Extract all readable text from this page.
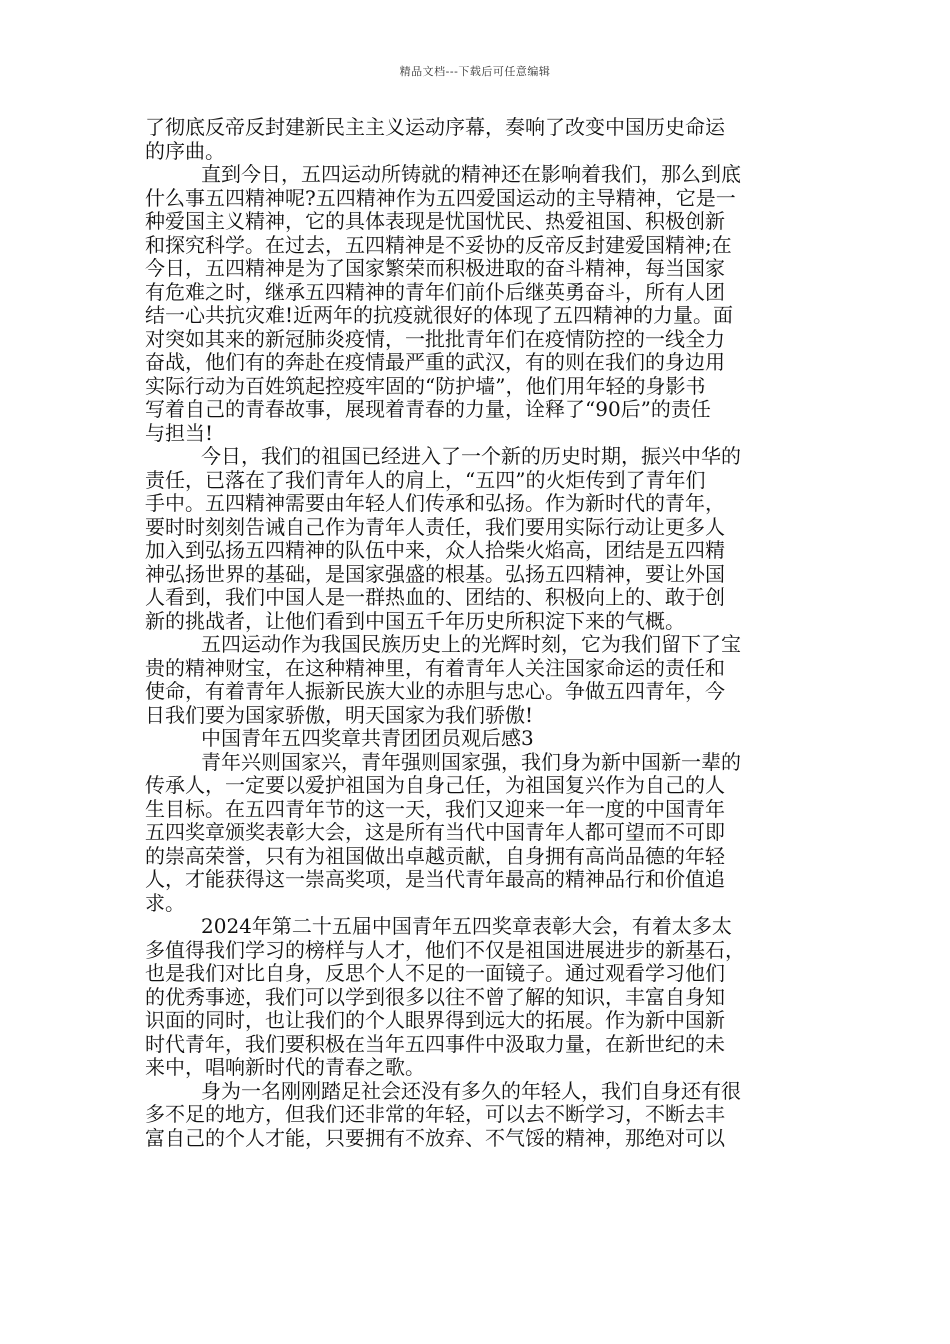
精品文档---下载后可任意编辑
了彻底反帝反封建新民主主义运动序幕，奏响了改变中国历史命运
的序曲。
直到今日，五四运动所铸就的精神还在影响着我们，那么到底
什么事五四精神呢?五四精神作为五四爱国运动的主导精神，它是一
种爱国主义精神，它的具体表现是忧国忧民、热爱祖国、积极创新
和探究科学。在过去，五四精神是不妥协的反帝反封建爱国精神;在
今日，五四精神是为了国家繁荣而积极进取的奋斗精神，每当国家
有危难之时，继承五四精神的青年们前仆后继英勇奋斗，所有人团
结一心共抗灾难!近两年的抗疫就很好的体现了五四精神的力量。面
对突如其来的新冠肺炎疫情，一批批青年们在疫情防控的一线全力
奋战，他们有的奔赴在疫情最严重的武汉，有的则在我们的身边用
实际行动为百姓筑起控疫牢固的“防护墙”，他们用年轻的身影书
写着自己的青春故事，展现着青春的力量，诠释了“90后”的责任
与担当!
今日，我们的祖国已经进入了一个新的历史时期，振兴中华的
责任，已落在了我们青年人的肩上，“五四”的火炬传到了青年们
手中。五四精神需要由年轻人们传承和弘扬。作为新时代的青年，
要时时刻刻告诫自己作为青年人责任，我们要用实际行动让更多人
加入到弘扬五四精神的队伍中来，众人拾柴火焰高，团结是五四精
神弘扬世界的基础，是国家强盛的根基。弘扬五四精神，要让外国
人看到，我们中国人是一群热血的、团结的、积极向上的、敢于创
新的挑战者，让他们看到中国五千年历史所积淀下来的气概。
五四运动作为我国民族历史上的光辉时刻，它为我们留下了宝
贵的精神财宝，在这种精神里，有着青年人关注国家命运的责任和
使命，有着青年人振新民族大业的赤胆与忠心。争做五四青年，今
日我们要为国家骄傲，明天国家为我们骄傲!
中国青年五四奖章共青团团员观后感3
青年兴则国家兴，青年强则国家强，我们身为新中国新一辈的
传承人，一定要以爱护祖国为自身己任，为祖国复兴作为自己的人
生目标。在五四青年节的这一天，我们又迎来一年一度的中国青年
五四奖章颁奖表彰大会，这是所有当代中国青年人都可望而不可即
的崇高荣誉，只有为祖国做出卓越贡献，自身拥有高尚品德的年轻
人，才能获得这一崇高奖项，是当代青年最高的精神品行和价值追
求。
2024年第二十五届中国青年五四奖章表彰大会，有着太多太
多值得我们学习的榜样与人才，他们不仅是祖国进展进步的新基石，
也是我们对比自身，反思个人不足的一面镜子。通过观看学习他们
的优秀事迹，我们可以学到很多以往不曾了解的知识，丰富自身知
识面的同时，也让我们的个人眼界得到远大的拓展。作为新中国新
时代青年，我们要积极在当年五四事件中汲取力量，在新世纪的未
来中，唱响新时代的青春之歌。
身为一名刚刚踏足社会还没有多久的年轻人，我们自身还有很
多不足的地方，但我们还非常的年轻，可以去不断学习，不断去丰
富自己的个人才能，只要拥有不放弃、不气馁的精神，那绝对可以
